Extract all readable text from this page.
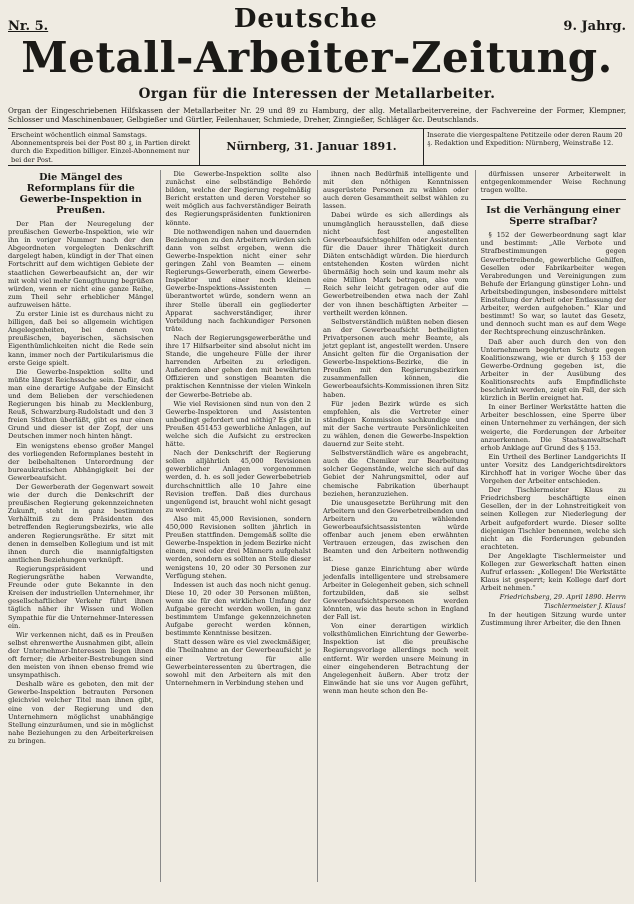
Nr. 5.	Deutsche	9. Jahrg.
Metall-Arbeiter-Zeitung.
Organ für die Interessen der Metallarbeiter.
Organ der Eingeschriebenen Hilfskassen der Metallarbeiter Nr. 29 und 89 zu Hamburg, der allg. Metallarbeitervereine, der Fachvereine der Former, Klempner, Schlosser und Maschinenbauer, Gelbgießer und Gürtler, Feilenhauer, Schmiede, Dreher, Zinngießer, Schläger &c. Deutschlands.
Erscheint wöchentlich einmal Samstags. Abonnementspreis bei der Post 80 ₰, in Partien direkt durch die Expedition billiger. Einzel-Abonnement nur bei der Post.
Nürnberg, 31. Januar 1891.
Inserate die viergespaltene Petitzeile oder deren Raum 20 ₰. Redaktion und Expedition: Nürnberg, Weinstraße 12.
Die Mängel des Reformplans für die Gewerbe-Inspektion in Preußen.

Der Plan der Neuregelung der preußischen Gewerbe-Inspektion, wie wir ihn in voriger Nummer nach der den Abgeordneten vorgelegten Denkschrift dargelegt haben, kündigt in der That einen Fortschritt auf dem wichtigen Gebiete der staatlichen Gewerbeaufsicht an, der wir mit wohl viel mehr Genugthuung begrüßen würden, wenn er nicht eine ganze Reihe, zum Theil sehr erheblicher Mängel aufzuweisen hätte.

Zu erster Linie ist es durchaus nicht zu billigen, daß bei so allgemein wichtigen Angelegenheiten, bei denen von preußischen, bayerischen, sächsischen Eigenthümlichkeiten nicht die Rede sein kann, immer noch der Partikularismus die erste Geige spielt.

Die Gewerbe-Inspektion sollte und müßte längst Reichssache sein. Dafür, daß man eine derartige Aufgabe der Einsicht und dem Belieben der verschiedenen Regierungen bis hinab zu Mecklenburg, Reuß, Schwarzburg-Rudolstadt und den 3 freien Städten überläßt, gibt es nur einen Grund und dieser ist der Zopf, der uns Deutschen immer noch hinten hängt.

Ein wenigstens ebenso großer Mangel des vorliegenden Reformplanes besteht in der beibehaltenen Unterordnung der bureaukratischen Abhängigkeit bei der Gewerbeaufsicht.

Der Gewerberath der Gegenwart soweit wie der durch die Denkschrift der preußischen Regierung gekennzeichneten Zukunft, steht in ganz bestimmten Verhältniß zu dem Präsidenten des betreffenden Regierungsbezirks, wie alle anderen Regierungsräthe. Er sitzt mit denen in demselben Kollegium und ist mit ihnen durch die mannigfaltigsten amtlichen Beziehungen verknüpft.

Regierungspräsident und Regierungsräthe haben Verwandte, Freunde oder gute Bekannte in den Kreisen der industriellen Unternehmer, ihr gesellschaftlicher Verkehr führt ihnen täglich näher ihr Wissen und Wollen Sympathie für die Unternehmer-Interessen ein.

Wir verkennen nicht, daß es in Preußen selbst ehrenwerthe Ausnahmen gibt, allein der Unternehmer-Interessen liegen ihnen oft ferner; die Arbeiter-Bestrebungen sind den meisten von ihnen ebenso fremd wie unsympathisch.

Deshalb wäre es geboten, den mit der Gewerbe-Inspektion betrauten Personen gleichviel welcher Titel man ihnen gibt, eine von der Regierung und den Unternehmern möglichst unabhängige Stellung einzuräumen, und sie in möglichst nahe Beziehungen zu den Arbeiterkreisen zu bringen.

Die Gewerbe-Inspektion sollte also zunächst eine selbständige Behörde bilden, welche der Regierung regelmäßig Bericht erstatten und deren Vorsteher so weit möglich aus fachverständiger Beirath des Regierungspräsidenten funktioniren könnte.

Die nothwendigen nahen und dauernden Beziehungen zu den Arbeitern würden sich dann von selbst ergeben, wenn die Gewerbe-Inspektion nicht einer sehr geringen Zahl von Beamten — einem Regierungs-Gewerberath, einem Gewerbe-Inspektor und einer noch kleinen Gewerbe-Inspektions-Assistenten — überantwortet würde, sondern wenn an ihrer Stelle überall ein gegliederter Apparat sachverständiger, ihrer Vorbildung nach fachkundiger Personen träte.

Nach der Regierungsgewerberäthe und ihre 17 Hilfsarbeiter sind absolut nicht im Stande, die ungeheure Fülle der ihrer harrenden Arbeiten zu erledigen. Außerdem aber gehen den mit bewährten Offizieren und sonstigen Beamten die praktischen Kenntnisse der vielen Winkeln der Gewerbe-Betriebe ab.

Wie viel Revisionen sind nun von den 2 Gewerbe-Inspektoren und Assistenten unbedingt gefordert und nöthig? Es gibt in Preußen 451453 gewerbliche Anlagen, auf welche sich die Aufsicht zu erstrecken hätte.

Nach der Denkschrift der Regierung sollen alljährlich 45,000 Revisionen gewerblicher Anlagen vorgenommen werden, d. h. es soll jeder Gewerbebetrieb durchschnittlich alle 10 Jahre eine Revision treffen. Daß dies durchaus ungenügend ist, braucht wohl nicht gesagt zu werden.

Also mit 45,000 Revisionen, sondern 450,000 Revisionen sollten jährlich in Preußen stattfinden. Demgemäß sollte die Gewerbe-Inspektion in jedem Bezirke nicht einem, zwei oder drei Männern aufgehalst werden, sondern es sollten an Stelle dieser wenigstens 10, 20 oder 30 Personen zur Verfügung stehen.

Indessen ist auch das noch nicht genug. Diese 10, 20 oder 30 Personen müßten, wenn sie für den wirklichen Umfang der Aufgabe gerecht werden wollen, in ganz bestimmtem Umfange gekennzeichneten Aufgabe gerecht werden können, bestimmte Kenntnisse besitzen.

Statt dessen wäre es viel zweckmäßiger, die Theilnahme an der Gewerbeaufsicht je einer Vertretung für alle Gewerbeinteressenten zu übertragen, die sowohl mit den Arbeitern als mit den Unternehmern in Verbindung stehen und

ihnen nach Bedürfniß intelligente und mit den nöthigen Kenntnissen ausgerüstete Personen zu wählen oder auch deren Gesammtheit selbst wählen zu lassen.

Dabei würde es sich allerdings als unumgänglich herausstellen, daß diese nicht fest angestellten Gewerbeaufsichtsgehilfen oder Assistenten für die Dauer ihrer Thätigkeit durch Diäten entschädigt würden. Die hierdurch entstehenden Kosten würden nicht übermäßig hoch sein und kaum mehr als eine Million Mark betragen, also vom Reich sehr leicht getragen oder auf die Gewerbetreibenden etwa nach der Zahl der von ihnen beschäftigten Arbeiter — vertheilt werden können.

Selbstverständlich müßten neben diesen an der Gewerbeaufsicht betheiligten Privatpersonen auch mehr Beamte, als jetzt geplant ist, angestellt werden. Unsere Ansicht gelten für die Organisation der Gewerbe-Inspektions-Bezirke, die in Preußen mit den Regierungsbezirken zusammenfallen können, die Gewerbeaufsichts-Kommissionen ihren Sitz haben.

Für jeden Bezirk würde es sich empfehlen, als die Vertreter einer ständigen Kommission sachkundige und mit der Sache vertraute Persönlichkeiten zu wählen, denen die Gewerbe-Inspektion dauernd zur Seite steht.

Selbstverständlich wäre es angebracht, auch die Chemiker zur Bearbeitung solcher Gegenstände, welche sich auf das Gebiet der Nahrungsmittel, oder auf chemische Fabrikation überhaupt beziehen, heranzuziehen.

Die unausgesetzte Berührung mit den Arbeitern und den Gewerbetreibenden und Arbeitern zu wählenden Gewerbeaufsichtsassistenten würde offenbar auch jenem eben erwähnten Vertrauen erzeugen, das zwischen den Beamten und den Arbeitern nothwendig ist.

Diese ganze Einrichtung aber würde jedenfalls intelligentere und strebsamere Arbeiter in Gelegenheit geben, sich schnell fortzubilden, daß sie selbst Gewerbeaufsichtspersonen werden könnten, wie das heute schon in England der Fall ist.

Von einer derartigen wirklich volksthümlichen Einrichtung der Gewerbe-Inspektion ist die preußische Regierungsvorlage allerdings noch weit entfernt. Wir werden unsere Meinung in einer eingehenderen Betrachtung der Angelegenheit äußern. Aber trotz der Einwände hat sie uns vor Augen geführt, wenn man heute schon den Be-

dürfnissen unserer Arbeiterwelt in entgegenkommender Weise Rechnung tragen wollte.

Ist die Verhängung einer Sperre strafbar?

§ 152 der Gewerbeordnung sagt klar und bestimmt: „Alle Verbote und Strafbestimmungen gegen Gewerbetreibende, gewerbliche Gehilfen, Gesellen oder Fabrikarbeiter wegen Verabredungen und Vereinigungen zum Behufe der Erlangung günstiger Lohn- und Arbeitsbedingungen, insbesondere mittelst Einstellung der Arbeit oder Entlassung der Arbeiter, werden aufgehoben.“ Klar und bestimmt! So war, so lautet das Gesetz, und dennoch sucht man es auf dem Wege der Rechtsprechung einzuschränken.

Daß aber auch durch den von den Unternehmern begehrten Schutz gegen Koalitionszwang, wie er durch § 153 der Gewerbe-Ordnung gegeben ist, die Arbeiter in der Ausübung des Koalitionsrechts aufs Empfindlichste beschränkt werden, zeigt ein Fall, der sich kürzlich in Berlin ereignet hat.

In einer Berliner Werkstätte hatten die Arbeiter beschlossen, eine Sperre über einen Unternehmer zu verhängen, der sich weigerte, die Forderungen der Arbeiter anzuerkennen. Die Staatsanwaltschaft erhob Anklage auf Grund des § 153.

Ein Urtheil des Berliner Landgerichts II unter Vorsitz des Landgerichtsdirektors Kirchhoff hat in voriger Woche über das Vorgehen der Arbeiter entschieden.

Der Tischlermeister Klaus zu Friedrichsberg beschäftigte einen Gesellen, der in der Lohnstreitigkeit von seinen Kollegen zur Niederlegung der Arbeit aufgefordert wurde. Dieser sollte diejenigen Tischler benennen, welche sich nicht an die Forderungen gebunden erachteten.

Der Angeklagte Tischlermeister und Kollegen zur Gewerkschaft hatten einen Aufruf erlassen: „Kollegen! Die Werkstätte Klaus ist gesperrt; kein Kollege darf dort Arbeit nehmen.“

Friedrichsberg, 29. April 1890. Herrn Tischlermeister J. Klaus!

In der heutigen Sitzung wurde unter Zustimmung ihrer Arbeiter, die den Ihnen
